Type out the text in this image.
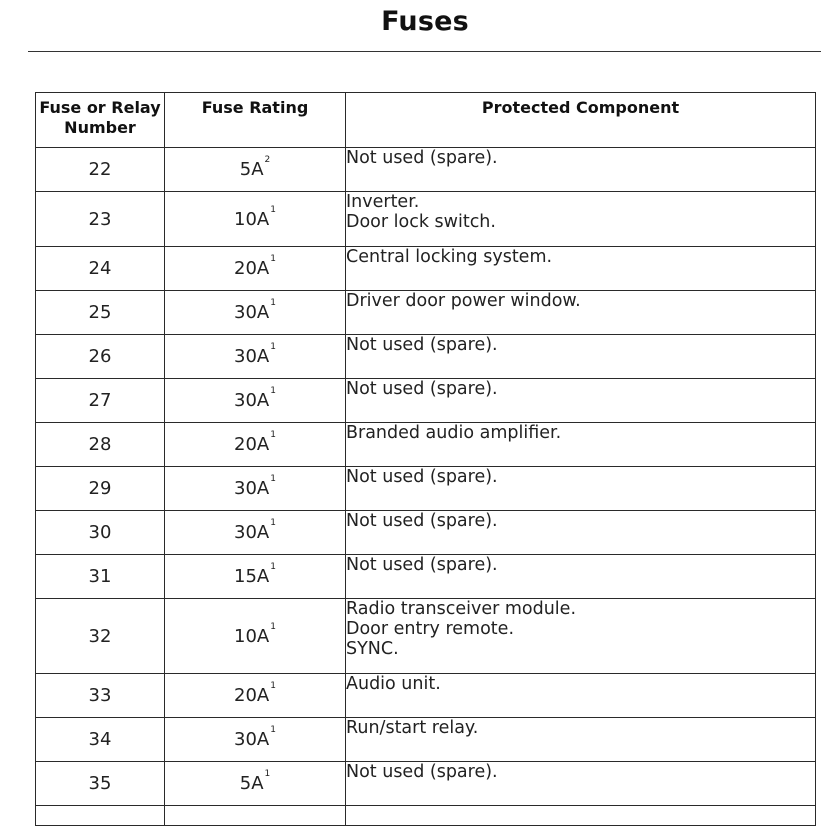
Fuses
Fuse or Relay Number	Fuse Rating	Protected Component
22	$5A^2$	Not used (spare).

23	$10A^1$	Inverter.
Door lock switch.

24	$20A^1$	Central locking system.

25	$30A^1$	Driver door power window.

26	$30A^1$	Not used (spare).

27	$30A^1$	Not used (spare).

28	$20A^1$	Branded audio amplifier.

29	$30A^1$	Not used (spare).

30	$30A^1$	Not used (spare).

31	$15A^1$	Not used (spare).

32	$10A^1$	Radio transceiver module.
Door entry remote.
SYNC.

33	$20A^1$	Audio unit.

34	$30A^1$	Run/start relay.

35	$5A^1$	Not used (spare).
